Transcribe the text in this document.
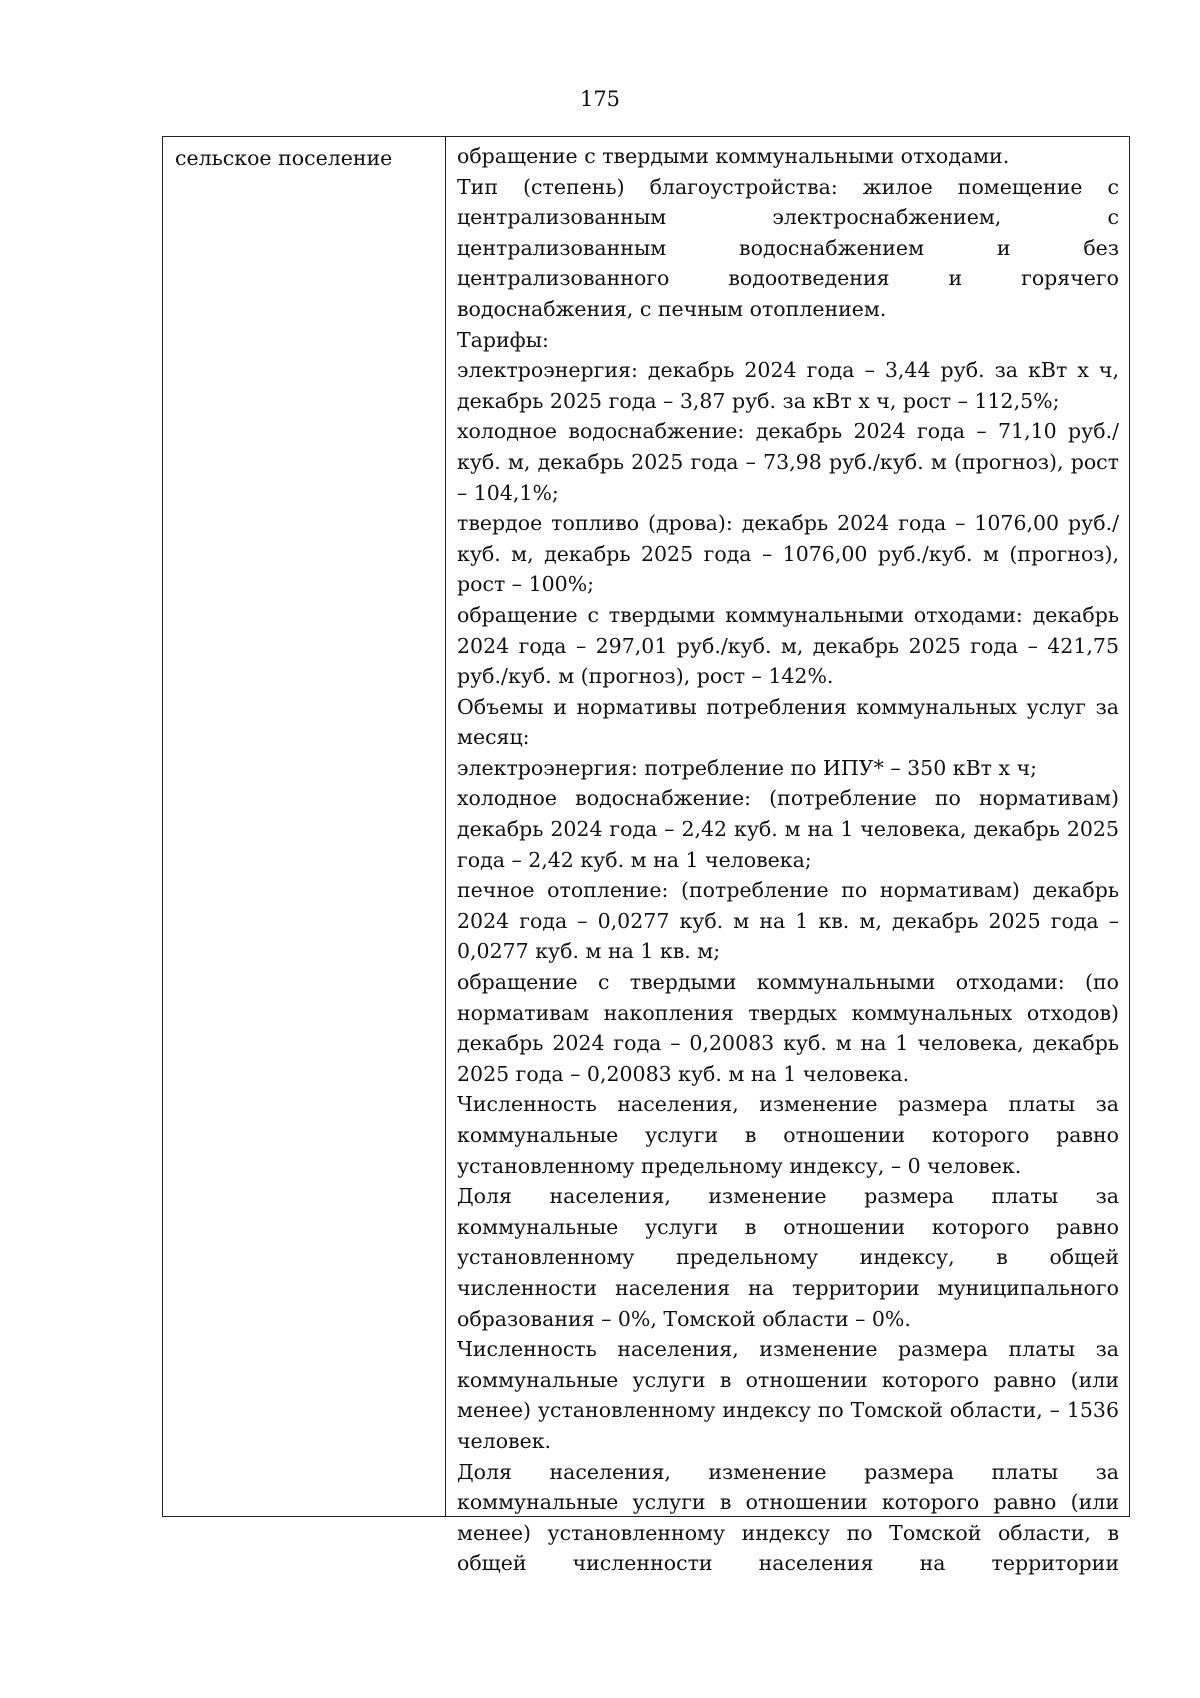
175
сельское поселение	обращение с твердыми коммунальными отходами.

Тип (степень) благоустройства: жилое помещение с централизованным электроснабжением, с централизованным водоснабжением и без централизованного водоотведения и горячего водоснабжения, с печным отоплением.

Тарифы:

электроэнергия: декабрь 2024 года – 3,44 руб. за кВт х ч, декабрь 2025 года – 3,87 руб. за кВт х ч, рост – 112,5%;

холодное водоснабжение: декабрь 2024 года – 71,10 руб./куб. м, декабрь 2025 года – 73,98 руб./куб. м (прогноз), рост – 104,1%;

твердое топливо (дрова): декабрь 2024 года – 1076,00 руб./куб. м, декабрь 2025 года – 1076,00 руб./куб. м (прогноз), рост – 100%;

обращение с твердыми коммунальными отходами: декабрь 2024 года – 297,01 руб./куб. м, декабрь 2025 года – 421,75 руб./куб. м (прогноз), рост – 142%.

Объемы и нормативы потребления коммунальных услуг за месяц:

электроэнергия: потребление по ИПУ* – 350 кВт х ч;

холодное водоснабжение: (потребление по нормативам) декабрь 2024 года – 2,42 куб. м на 1 человека, декабрь 2025 года – 2,42 куб. м на 1 человека;

печное отопление: (потребление по нормативам) декабрь 2024 года – 0,0277 куб. м на 1 кв. м, декабрь 2025 года – 0,0277 куб. м на 1 кв. м;

обращение с твердыми коммунальными отходами: (по нормативам накопления твердых коммунальных отходов) декабрь 2024 года – 0,20083 куб. м на 1 человека, декабрь 2025 года – 0,20083 куб. м на 1 человека.

Численность населения, изменение размера платы за коммунальные услуги в отношении которого равно установленному предельному индексу, – 0 человек.

Доля населения, изменение размера платы за коммунальные услуги в отношении которого равно установленному предельному индексу, в общей численности населения на территории муниципального образования – 0%, Томской области – 0%.

Численность населения, изменение размера платы за коммунальные услуги в отношении которого равно (или менее) установленному индексу по Томской области, – 1536 человек.

Доля населения, изменение размера платы за коммунальные услуги в отношении которого равно (или менее) установленному индексу по Томской области, в общей численности населения на территории
